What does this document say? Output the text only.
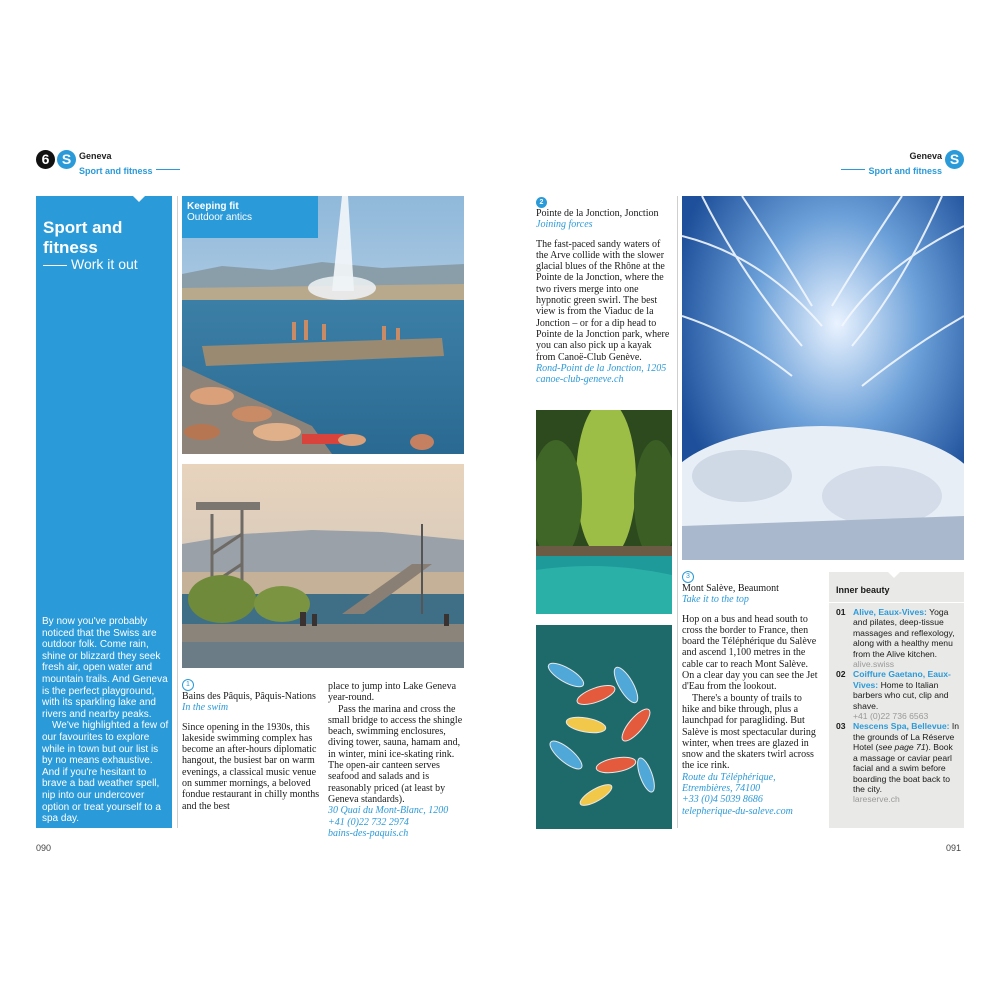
6 S Geneva
Sport and fitness
Geneva
Sport and fitness
S
Sport and fitness
Work it out

By now you've probably noticed that the Swiss are outdoor folk. Come rain, shine or blizzard they seek fresh air, open water and mountain trails. And Geneva is the perfect playground, with its sparkling lake and rivers and nearby peaks.

We've highlighted a few of our favourites to explore while in town but our list is by no means exhaustive. And if you're hesitant to brave a bad weather spell, nip into our undercover option or treat yourself to a spa day.

Keeping fit
Outdoor antics

1

Bains des Pâquis, Pâquis-Nations

In the swim

Since opening in the 1930s, this lakeside swimming complex has become an after-hours diplomatic hangout, the busiest bar on warm evenings, a classical music venue on summer mornings, a beloved fondue restaurant in chilly months and the best

place to jump into Lake Geneva year-round.

Pass the marina and cross the small bridge to access the shingle beach, swimming enclosures, diving tower, sauna, hamam and, in winter, mini ice-skating rink. The open-air canteen serves seafood and salads and is reasonably priced (at least by Geneva standards).

30 Quai du Mont-Blanc, 1200

+41 (0)22 732 2974

bains-des-paquis.ch

2

Pointe de la Jonction, Jonction

Joining forces

The fast-paced sandy waters of the Arve collide with the slower glacial blues of the Rhône at the Pointe de la Jonction, where the two rivers merge into one hypnotic green swirl. The best view is from the Viaduc de la Jonction – or for a dip head to Pointe de la Jonction park, where you can also pick up a kayak from Canoë-Club Genève.

Rond-Point de la Jonction, 1205

canoe-club-geneve.ch

3

Mont Salève, Beaumont

Take it to the top

Hop on a bus and head south to cross the border to France, then board the Téléphérique du Salève and ascend 1,100 metres in the cable car to reach Mont Salève. On a clear day you can see the Jet d'Eau from the lookout.

There's a bounty of trails to hike and bike through, plus a launchpad for paragliding. But Salève is most spectacular during winter, when trees are glazed in snow and the skaters twirl across the ice rink.

Route du Téléphérique, Etrembières, 74100

+33 (0)4 5039 8686

telepherique-du-saleve.com

Inner beauty
01 Alive, Eaux-Vives: Yoga and pilates, deep-tissue massages and reflexology, along with a healthy menu from the Alive kitchen.
alive.swiss
02 Coiffure Gaetano, Eaux-Vives: Home to Italian barbers who cut, clip and shave.
+41 (0)22 736 6563
03 Nescens Spa, Bellevue: In the grounds of La Réserve Hotel (see page 71). Book a massage or caviar pearl facial and a swim before boarding the boat back to the city.
lareserve.ch
090	091
